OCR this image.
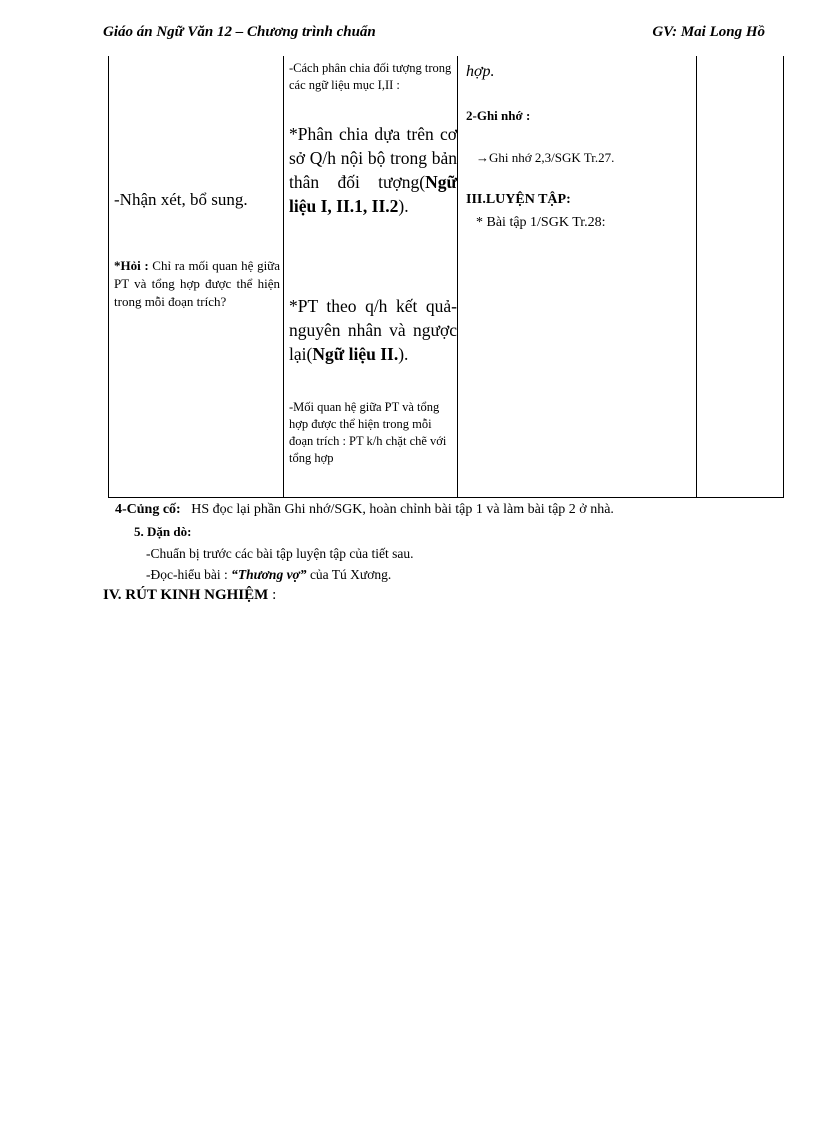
Giáo án Ngữ Văn 12 – Chương trình chuẩn	GV: Mai Long Hồ
-Nhận xét, bổ sung.
*Hỏi : Chỉ ra mối quan hệ giữa PT và tổng hợp được thể hiện trong mỗi đoạn trích?
-Cách phân chia đối tượng trong các ngữ liệu mục I,II :
*Phân chia dựa trên cơ sở Q/h nội bộ trong bản thân đối tượng(Ngữ liệu I, II.1, II.2).
*PT theo q/h kết quả-nguyên nhân và ngược lại(Ngữ liệu II.).
-Mối quan hệ giữa PT và tổng hợp được thể hiện trong mỗi đoạn trích : PT k/h chặt chẽ với tổng hợp
hợp.
2-Ghi nhớ :
→Ghi nhớ 2,3/SGK Tr.27.
III.LUYỆN TẬP:
* Bài tập 1/SGK Tr.28:
4-Củng cố: HS đọc lại phần Ghi nhớ/SGK, hoàn chỉnh bài tập 1 và làm bài tập 2 ở nhà.
5. Dặn dò:
-Chuẩn bị trước các bài tập luyện tập của tiết sau.
-Đọc-hiểu bài : “Thương vợ” của Tú Xương.
IV. RÚT KINH NGHIỆM :
